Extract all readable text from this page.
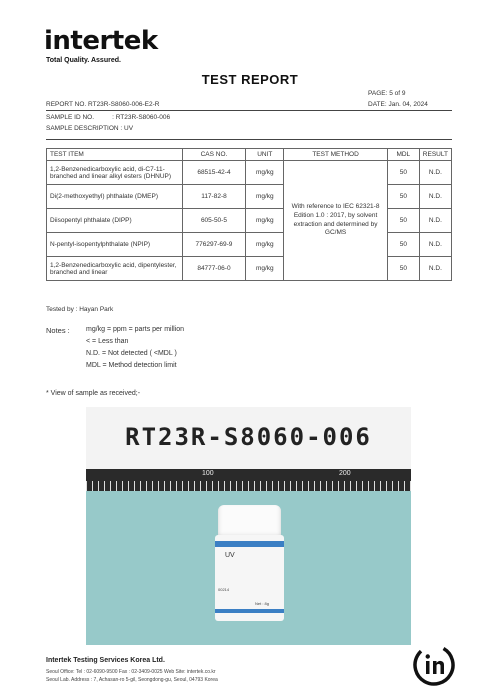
intertek
Total Quality. Assured.
TEST REPORT
PAGE: 5 of 9
REPORT NO. RT23R-S8060-006-E2-R	DATE: Jan. 04, 2024
SAMPLE ID NO.          : RT23R-S8060-006
SAMPLE DESCRIPTION : UV
TEST ITEM	CAS NO.	UNIT	TEST METHOD	MDL	RESULT
1,2-Benzenedicarboxylic acid, di-C7-11-branched and linear alkyl esters (DHNUP)	68515-42-4	mg/kg	With reference to IEC 62321-8 Edition 1.0 : 2017, by solvent extraction and determined by GC/MS	50	N.D.
Di(2-methoxyethyl) phthalate (DMEP)	117-82-8	mg/kg		50	N.D.
Diisopentyl phthalate (DIPP)	605-50-5	mg/kg		50	N.D.
N-pentyl-isopentylphthalate (NPIP)	776297-69-9	mg/kg		50	N.D.
1,2-Benzenedicarboxylic acid, dipentylester, branched and linear	84777-06-0	mg/kg		50	N.D.
Tested by : Hayan Park
Notes : mg/kg = ppm = parts per million
< = Less than
N.D. = Not detected ( <MDL )
MDL = Method detection limit
* View of sample as received;-
RT23R-S8060-006
100	200
UV
00214
Net : 8g
Intertek Testing Services Korea Ltd.
Seoul Office: Tel : 02-6090-9500 Fax : 02-3409-0025 Web Site: intertek.co.kr
Seoul Lab. Address : 7, Achasan-ro 5-gil, Seongdong-gu, Seoul, 04793 Korea
